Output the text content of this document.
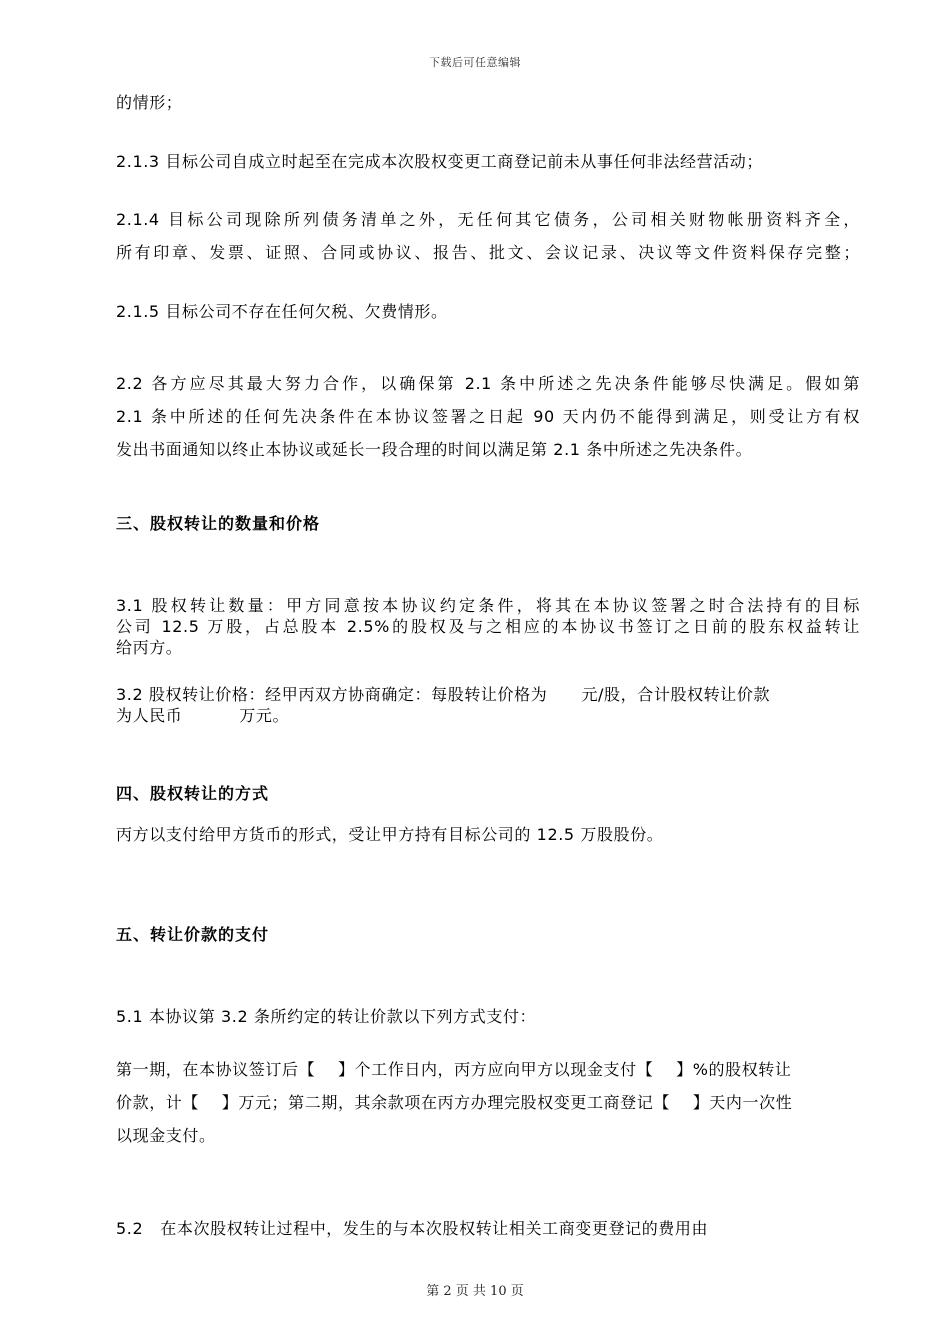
下载后可任意编辑
的情形；
2.1.3 目标公司自成立时起至在完成本次股权变更工商登记前未从事任何非法经营活动；
2.1.4 目标公司现除所列债务清单之外，无任何其它债务，公司相关财物帐册资料齐全，
所有印章、发票、证照、合同或协议、报告、批文、会议记录、决议等文件资料保存完整；
2.1.5 目标公司不存在任何欠税、欠费情形。
2.2 各方应尽其最大努力合作，以确保第 2.1 条中所述之先决条件能够尽快满足。假如第
2.1 条中所述的任何先决条件在本协议签署之日起 90 天内仍不能得到满足，则受让方有权
发出书面通知以终止本协议或延长一段合理的时间以满足第 2.1 条中所述之先决条件。
三、股权转让的数量和价格
3.1 股权转让数量：甲方同意按本协议约定条件，将其在本协议签署之时合法持有的目标
公司 12.5 万股，占总股本 2.5%的股权及与之相应的本协议书签订之日前的股东权益转让
给丙方。
3.2 股权转让价格：经甲丙双方协商确定：每股转让价格为      元/股，合计股权转让价款
为人民币          万元。
四、股权转让的方式
丙方以支付给甲方货币的形式，受让甲方持有目标公司的 12.5 万股股份。
五、转让价款的支付
5.1 本协议第 3.2 条所约定的转让价款以下列方式支付：
第一期，在本协议签订后【    】个工作日内，丙方应向甲方以现金支付【    】%的股权转让
价款，计【    】万元；第二期，其余款项在丙方办理完股权变更工商登记【    】天内一次性
以现金支付。
5.2   在本次股权转让过程中，发生的与本次股权转让相关工商变更登记的费用由
第 2 页 共 10 页
